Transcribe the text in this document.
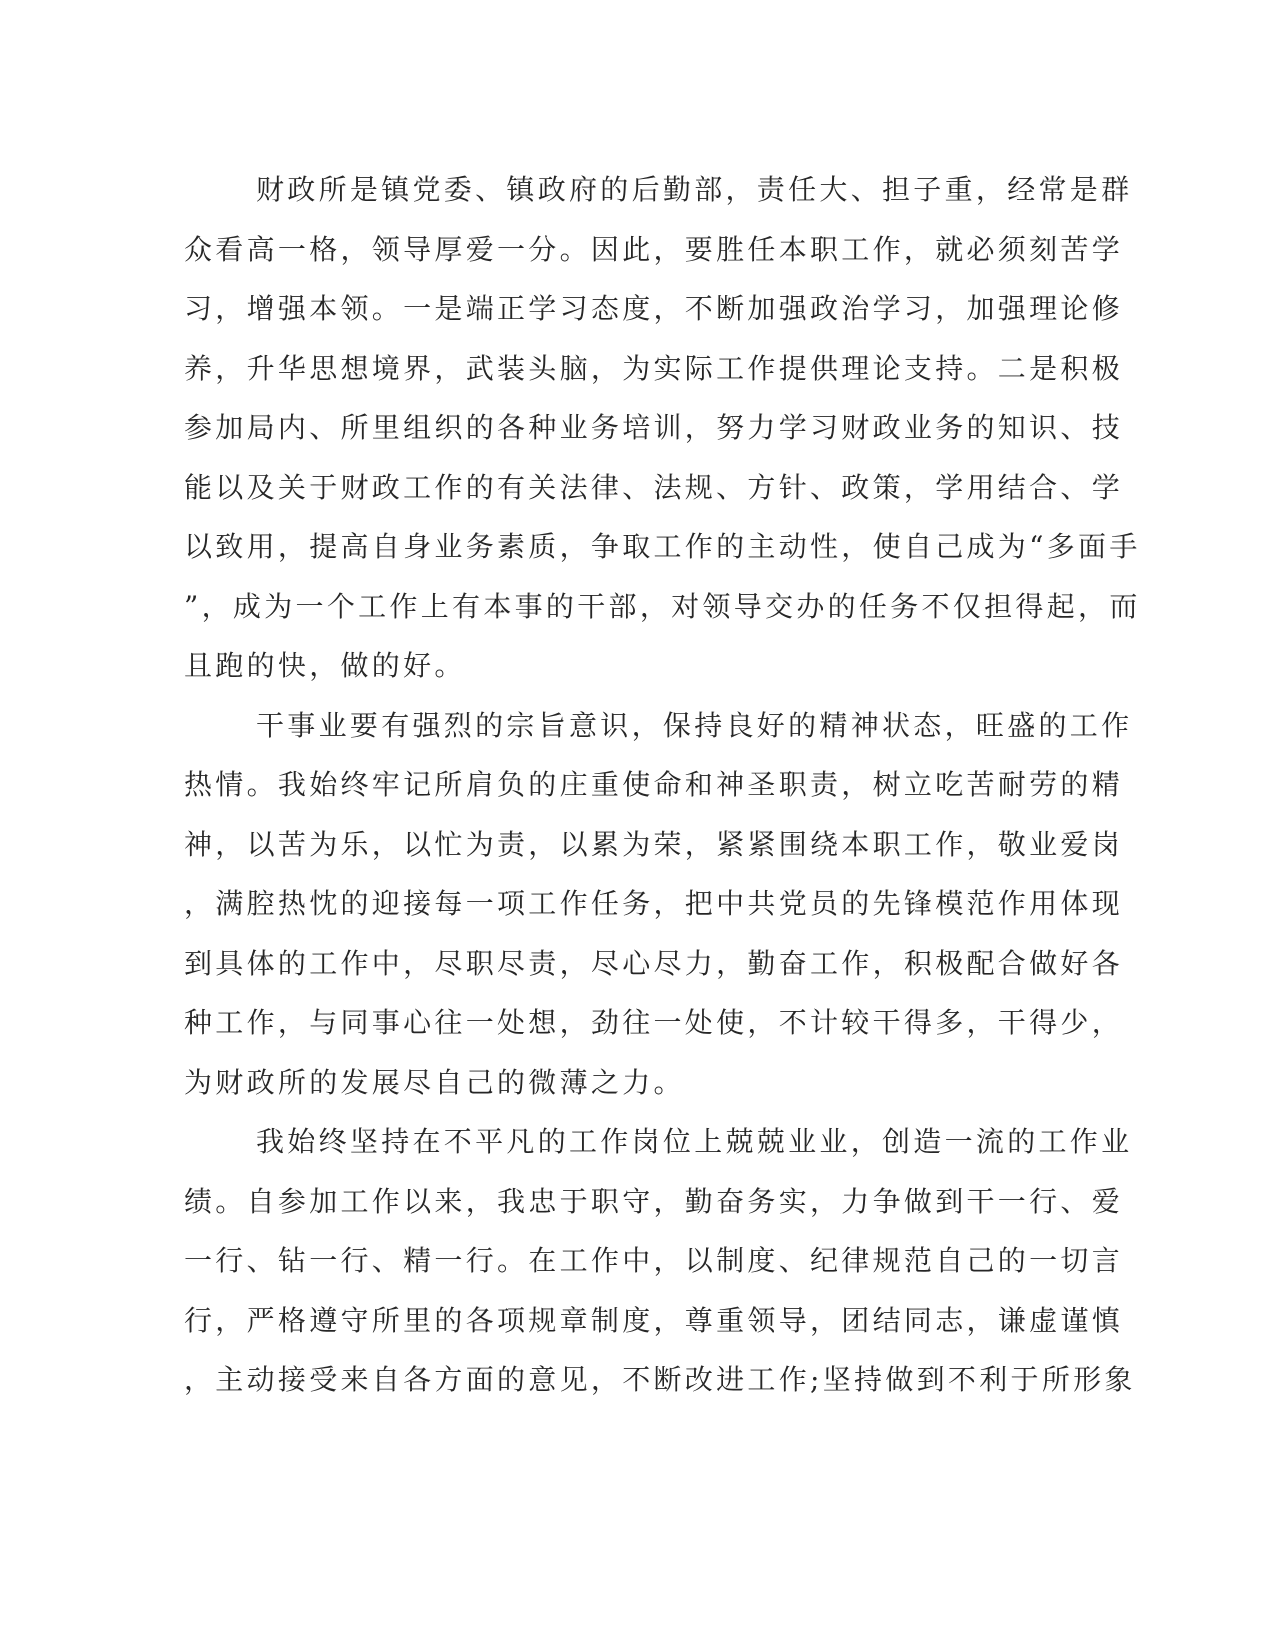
财政所是镇党委、镇政府的后勤部，责任大、担子重，经常是群
众看高一格，领导厚爱一分。因此，要胜任本职工作，就必须刻苦学
习，增强本领。一是端正学习态度，不断加强政治学习，加强理论修
养，升华思想境界，武装头脑，为实际工作提供理论支持。二是积极
参加局内、所里组织的各种业务培训，努力学习财政业务的知识、技
能以及关于财政工作的有关法律、法规、方针、政策，学用结合、学
以致用，提高自身业务素质，争取工作的主动性，使自己成为“多面手
”，成为一个工作上有本事的干部，对领导交办的任务不仅担得起，而
且跑的快，做的好。
干事业要有强烈的宗旨意识，保持良好的精神状态，旺盛的工作
热情。我始终牢记所肩负的庄重使命和神圣职责，树立吃苦耐劳的精
神，以苦为乐，以忙为责，以累为荣，紧紧围绕本职工作，敬业爱岗
，满腔热忱的迎接每一项工作任务，把中共党员的先锋模范作用体现
到具体的工作中，尽职尽责，尽心尽力，勤奋工作，积极配合做好各
种工作，与同事心往一处想，劲往一处使，不计较干得多，干得少，
为财政所的发展尽自己的微薄之力。
我始终坚持在不平凡的工作岗位上兢兢业业，创造一流的工作业
绩。自参加工作以来，我忠于职守，勤奋务实，力争做到干一行、爱
一行、钻一行、精一行。在工作中，以制度、纪律规范自己的一切言
行，严格遵守所里的各项规章制度，尊重领导，团结同志，谦虚谨慎
，主动接受来自各方面的意见，不断改进工作;坚持做到不利于所形象
